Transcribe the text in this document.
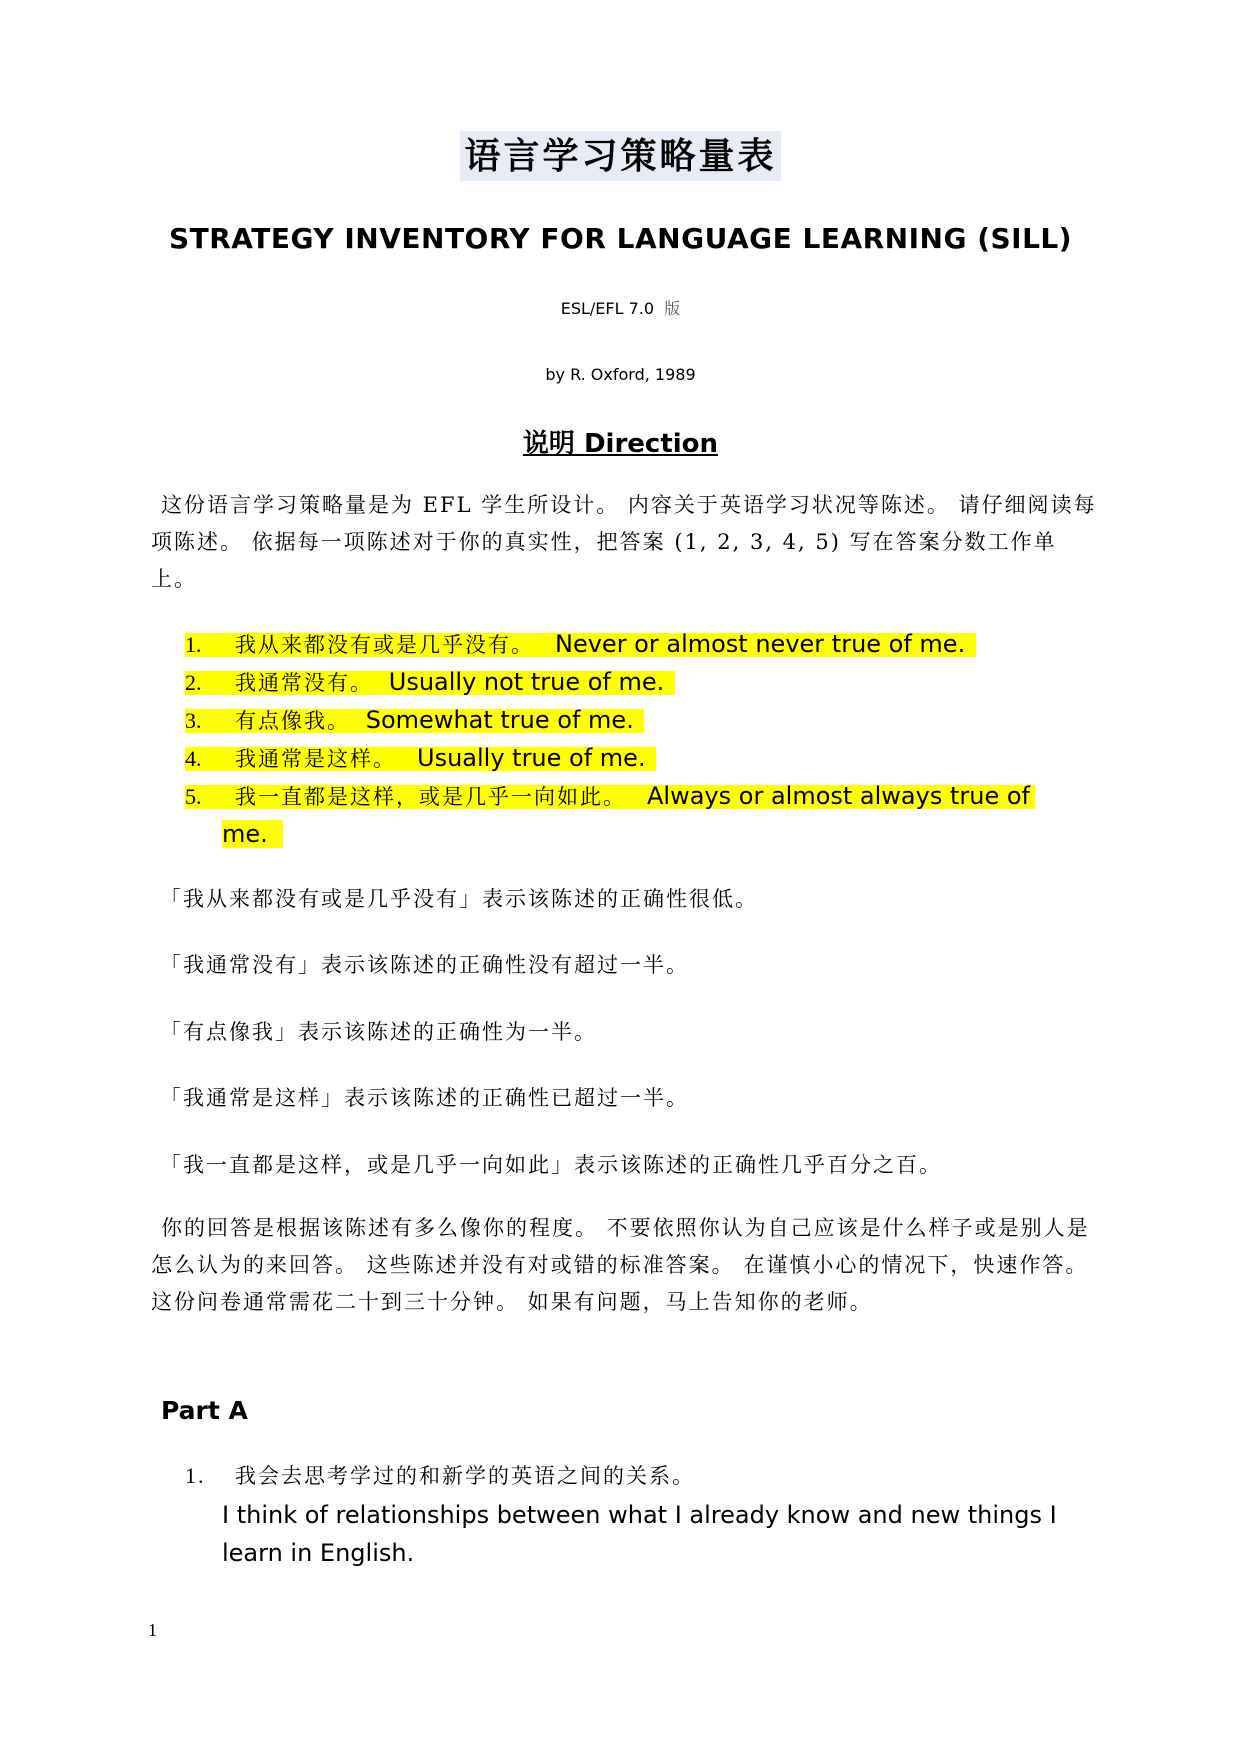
语言学习策略量表
STRATEGY INVENTORY FOR LANGUAGE LEARNING (SILL)
ESL/EFL 7.0 版
by R. Oxford, 1989
说明 Direction
这份语言学习策略量是为 EFL 学生所设计。 内容关于英语学习状况等陈述。 请仔细阅读每项陈述。 依据每一项陈述对于你的真实性，把答案 (1, 2, 3, 4, 5) 写在答案分数工作单上。
1. 我从来都没有或是几乎没有。 Never or almost never true of me.
2. 我通常没有。 Usually not true of me.
3. 有点像我。 Somewhat true of me.
4. 我通常是这样。 Usually true of me.
5. 我一直都是这样，或是几乎一向如此。 Always or almost always true of
me.
「我从来都没有或是几乎没有」表示该陈述的正确性很低。
「我通常没有」表示该陈述的正确性没有超过一半。
「有点像我」表示该陈述的正确性为一半。
「我通常是这样」表示该陈述的正确性已超过一半。
「我一直都是这样，或是几乎一向如此」表示该陈述的正确性几乎百分之百。
你的回答是根据该陈述有多么像你的程度。 不要依照你认为自己应该是什么样子或是别人是怎么认为的来回答。 这些陈述并没有对或错的标准答案。 在谨慎小心的情况下，快速作答。 这份问卷通常需花二十到三十分钟。 如果有问题，马上告知你的老师。
Part A
1. 我会去思考学过的和新学的英语之间的关系。
I think of relationships between what I already know and new things I learn in English.
1
